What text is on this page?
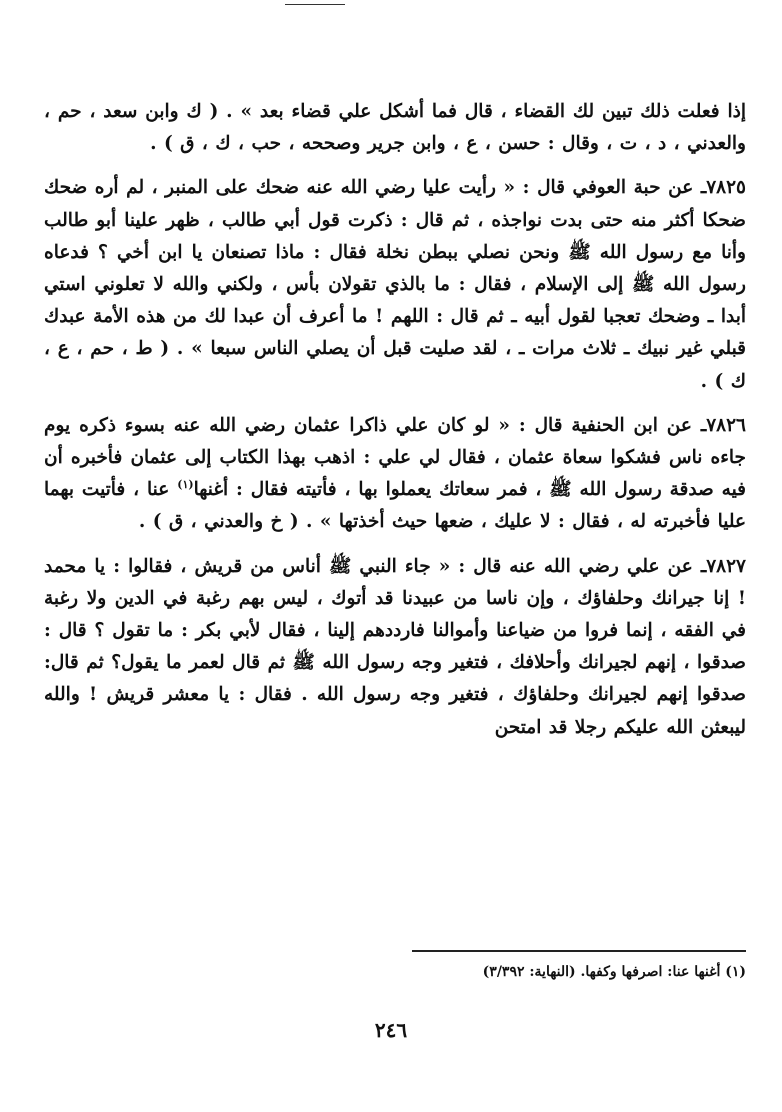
إذا فعلت ذلك تبين لك القضاء ، قال فما أشكل علي قضاء بعد » . ( ك وابن سعد ، حم ، والعدني ، د ، ت ، وقال : حسن ، ع ، وابن جرير وصححه ، حب ، ك ، ق ) .

٧٨٢٥ـ عن حبة العوفي قال : « رأيت عليا رضي الله عنه ضحك على المنبر ، لم أره ضحك ضحكا أكثر منه حتى بدت نواجذه ، ثم قال : ذكرت قول أبي طالب ، ظهر علينا أبو طالب وأنا مع رسول الله ﷺ ونحن نصلي ببطن نخلة فقال : ماذا تصنعان يا ابن أخي ؟ فدعاه رسول الله ﷺ إلى الإسلام ، فقال : ما بالذي تقولان بأس ، ولكني والله لا تعلوني استي أبدا ـ وضحك تعجبا لقول أبيه ـ ثم قال : اللهم ! ما أعرف أن عبدا لك من هذه الأمة عبدك قبلي غير نبيك ـ ثلاث مرات ـ ، لقد صليت قبل أن يصلي الناس سبعا » . ( ط ، حم ، ع ، ك ) .

٧٨٢٦ـ عن ابن الحنفية قال : « لو كان علي ذاكرا عثمان رضي الله عنه بسوء ذكره يوم جاءه ناس فشكوا سعاة عثمان ، فقال لي علي : اذهب بهذا الكتاب إلى عثمان فأخبره أن فيه صدقة رسول الله ﷺ ، فمر سعاتك يعملوا بها ، فأتيته فقال : أغنها$^{(١)}$ عنا ، فأتيت بهما عليا فأخبرته له ، فقال : لا عليك ، ضعها حيث أخذتها » . ( خ والعدني ، ق ) .

٧٨٢٧ـ عن علي رضي الله عنه قال : « جاء النبي ﷺ أناس من قريش ، فقالوا : يا محمد ! إنا جيرانك وحلفاؤك ، وإن ناسا من عبيدنا قد أتوك ، ليس بهم رغبة في الدين ولا رغبة في الفقه ، إنما فروا من ضياعنا وأموالنا فارددهم إلينا ، فقال لأبي بكر : ما تقول ؟ قال : صدقوا ، إنهم لجيرانك وأحلافك ، فتغير وجه رسول الله ﷺ ثم قال لعمر ما يقول؟ ثم قال: صدقوا إنهم لجيرانك وحلفاؤك ، فتغير وجه رسول الله . فقال : يا معشر قريش ! والله ليبعثن الله عليكم رجلا قد امتحن

(١) أغنها عنا: اصرفها وكفها. (النهاية: ٣/٣٩٢)
٢٤٦
